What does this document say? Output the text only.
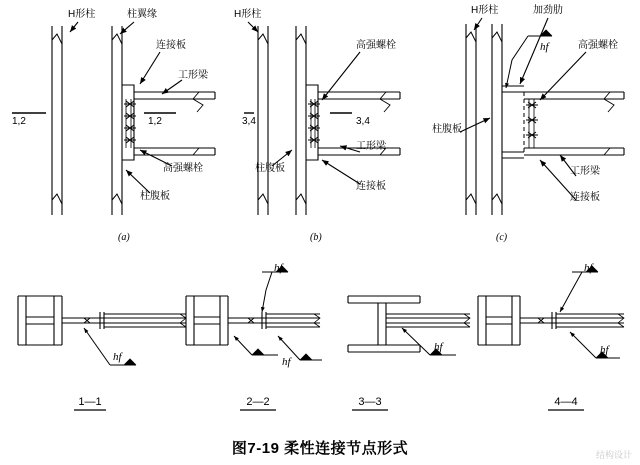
H形柱	柱翼缘
连接板
工形梁
高强螺栓
柱腹板
1,2	1,2
(a)
H形柱
高强螺栓
工形梁
连接板
柱腹板
3,4	3,4
(b)
H形柱	加劲肋
高强螺栓
柱腹板
工形梁
连接板
hf
(c)
hf
hf
hf
hf
hf
hf
1—1	2—2	3—3	4—4
图7-19 柔性连接节点形式	结构设计
